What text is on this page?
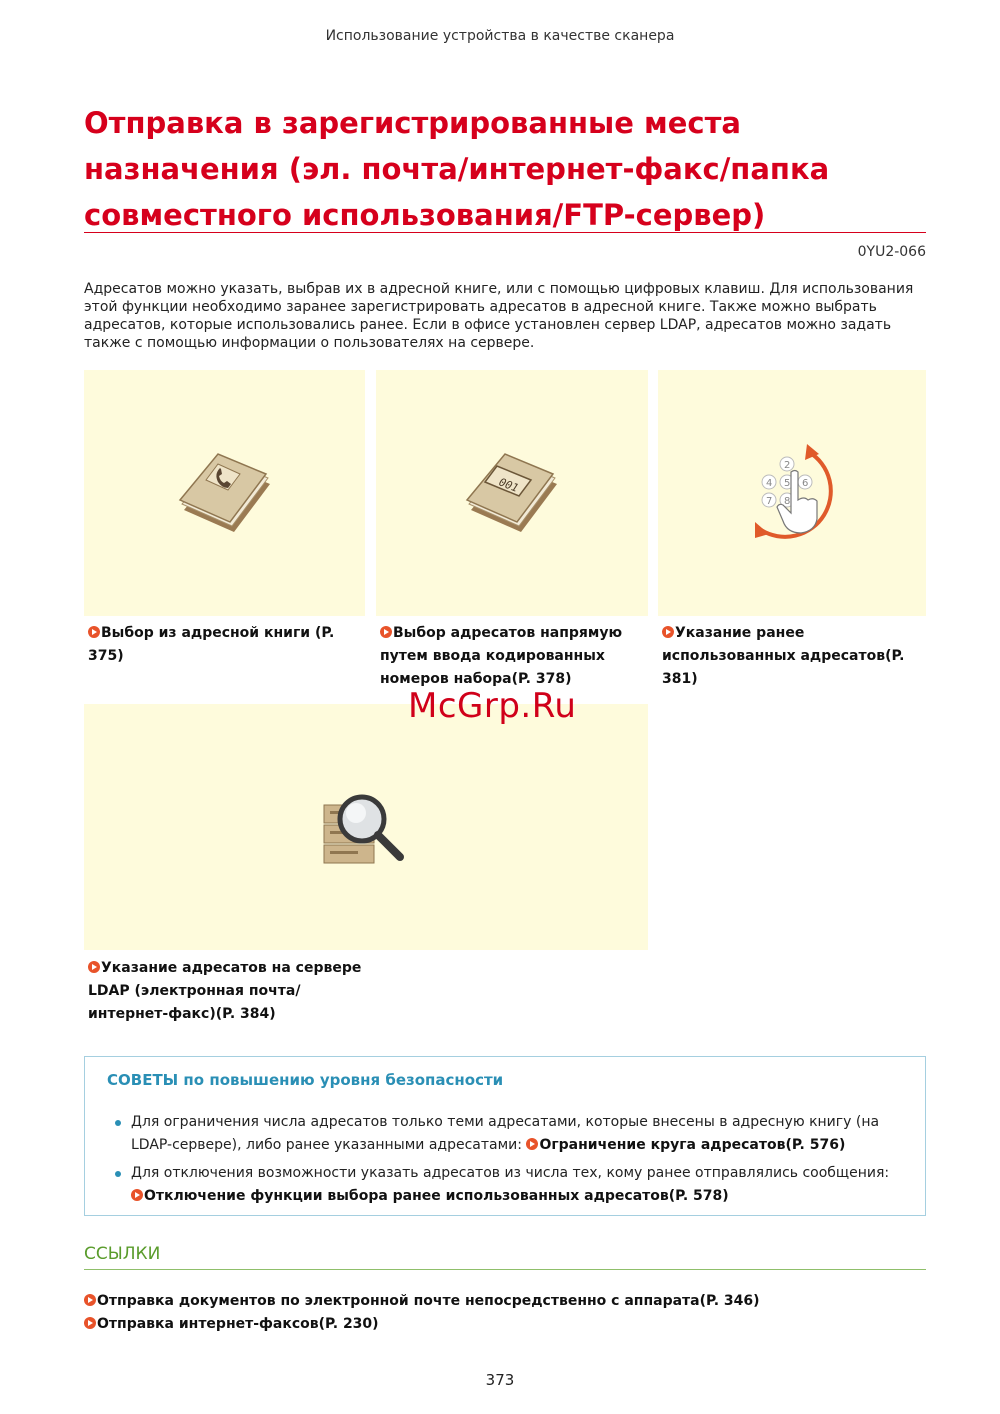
Использование устройства в качестве сканера
Отправка в зарегистрированные места назначения (эл. почта/интернет-факс/папка совместного использования/FTP-сервер)
0YU2-066

Адресатов можно указать, выбрав их в адресной книге, или с помощью цифровых клавиш. Для использования этой функции необходимо заранее зарегистрировать адресатов в адресной книге. Также можно выбрать адресатов, которые использовались ранее. Если в офисе установлен сервер LDAP, адресатов можно задать также с помощью информации о пользователях на сервере.

Выбор из адресной книги (P. 375)
001
Выбор адресатов напрямую путем ввода кодированных номеров набора(P. 378)
2
4 5 6
7 8
Указание ранее использованных адресатов(P. 381)
Указание адресатов на сервере LDAP (электронная почта/ интернет-факс)(P. 384)
McGrp.Ru
СОВЕТЫ по повышению уровня безопасности
Для ограничения числа адресатов только теми адресатами, которые внесены в адресную книгу (на LDAP-сервере), либо ранее указанными адресатами: Ограничение круга адресатов(P. 576)
Для отключения возможности указать адресатов из числа тех, кому ранее отправлялись сообщения: Отключение функции выбора ранее использованных адресатов(P. 578)
ССЫЛКИ
Отправка документов по электронной почте непосредственно с аппарата(P. 346)
Отправка интернет-факсов(P. 230)
373
